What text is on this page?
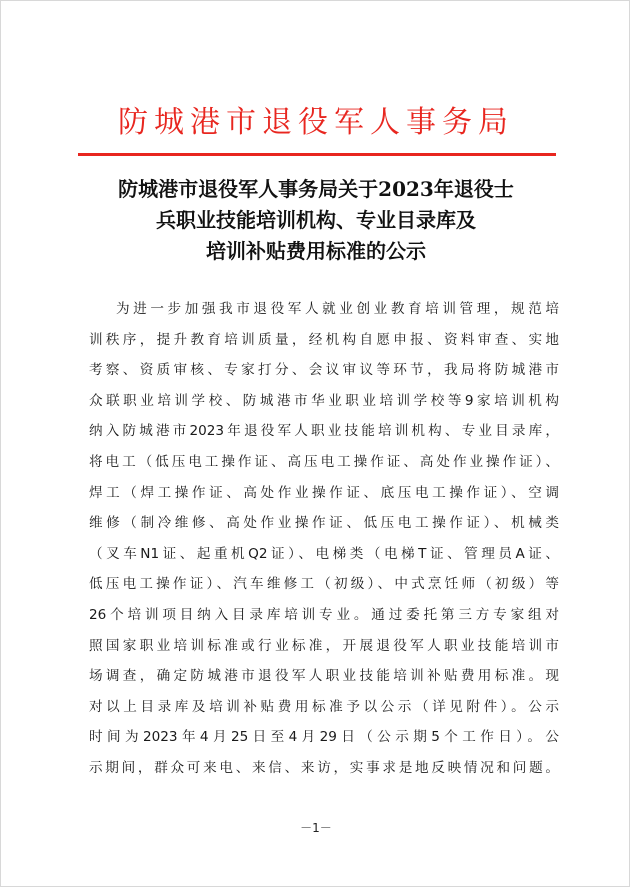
防城港市退役军人事务局
防城港市退役军人事务局关于2023年退役士
兵职业技能培训机构、专业目录库及
培训补贴费用标准的公示
为进一步加强我市退役军人就业创业教育培训管理，规范培
训秩序，提升教育培训质量，经机构自愿申报、资料审查、实地
考察、资质审核、专家打分、会议审议等环节，我局将防城港市
众联职业培训学校、防城港市华业职业培训学校等9家培训机构
纳入防城港市2023年退役军人职业技能培训机构、专业目录库，
将电工（低压电工操作证、高压电工操作证、高处作业操作证）、
焊工（焊工操作证、高处作业操作证、底压电工操作证）、空调
维修（制冷维修、高处作业操作证、低压电工操作证）、机械类
（叉车N1证、起重机Q2证）、电梯类（电梯T证、管理员A证、
低压电工操作证）、汽车维修工（初级）、中式烹饪师（初级）等
26个培训项目纳入目录库培训专业。通过委托第三方专家组对
照国家职业培训标准或行业标准，开展退役军人职业技能培训市
场调查，确定防城港市退役军人职业技能培训补贴费用标准。现
对以上目录库及培训补贴费用标准予以公示（详见附件）。公示
时间为2023年4月25日至4月29日（公示期5个工作日）。公
示期间，群众可来电、来信、来访，实事求是地反映情况和问题。
－1－
